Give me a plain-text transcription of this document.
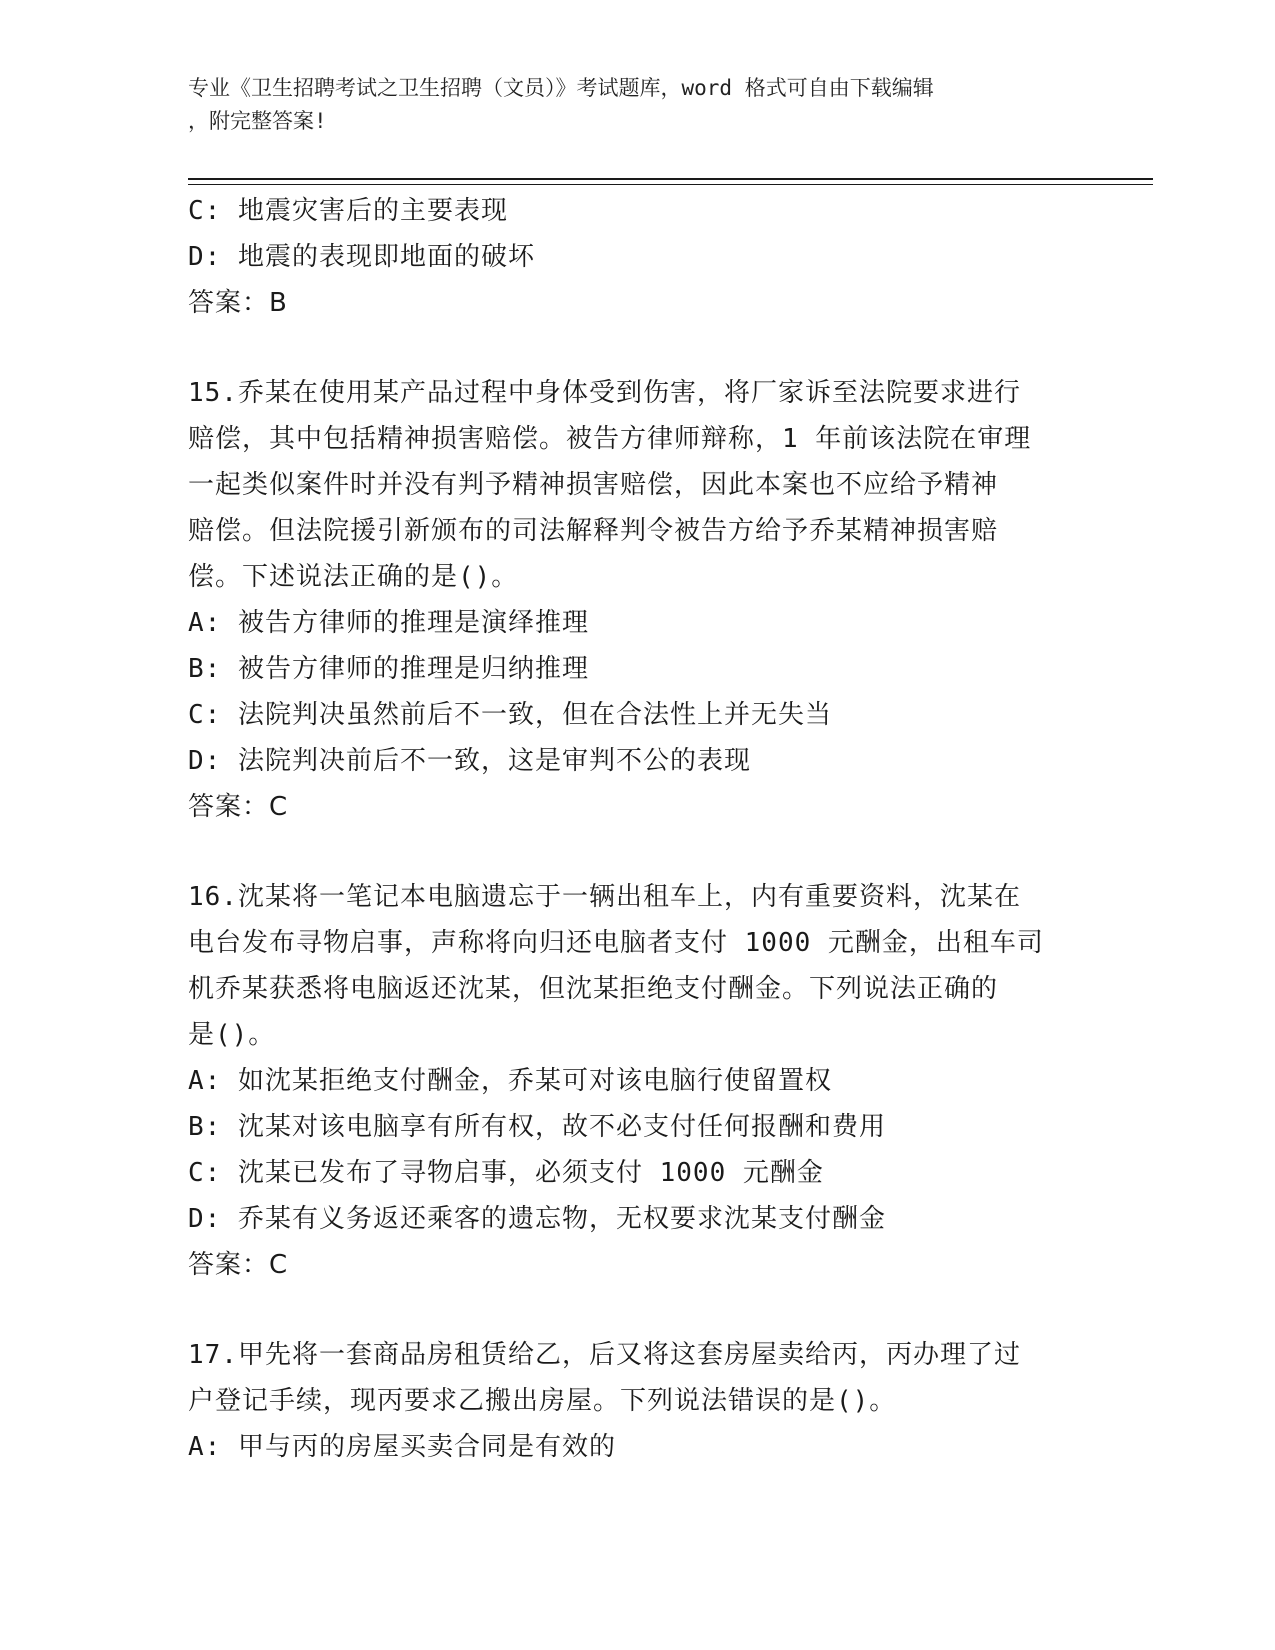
专业《卫生招聘考试之卫生招聘（文员）》考试题库，word 格式可自由下载编辑
，附完整答案!
C: 地震灾害后的主要表现
D: 地震的表现即地面的破坏
答案：B
15.乔某在使用某产品过程中身体受到伤害，将厂家诉至法院要求进行
赔偿，其中包括精神损害赔偿。被告方律师辩称，1 年前该法院在审理
一起类似案件时并没有判予精神损害赔偿，因此本案也不应给予精神
赔偿。但法院援引新颁布的司法解释判令被告方给予乔某精神损害赔
偿。下述说法正确的是()。
A: 被告方律师的推理是演绎推理
B: 被告方律师的推理是归纳推理
C: 法院判决虽然前后不一致，但在合法性上并无失当
D: 法院判决前后不一致，这是审判不公的表现
答案：C
16.沈某将一笔记本电脑遗忘于一辆出租车上，内有重要资料，沈某在
电台发布寻物启事，声称将向归还电脑者支付 1000 元酬金，出租车司
机乔某获悉将电脑返还沈某，但沈某拒绝支付酬金。下列说法正确的
是()。
A: 如沈某拒绝支付酬金，乔某可对该电脑行使留置权
B: 沈某对该电脑享有所有权，故不必支付任何报酬和费用
C: 沈某已发布了寻物启事，必须支付 1000 元酬金
D: 乔某有义务返还乘客的遗忘物，无权要求沈某支付酬金
答案：C
17.甲先将一套商品房租赁给乙，后又将这套房屋卖给丙，丙办理了过
户登记手续，现丙要求乙搬出房屋。下列说法错误的是()。
A: 甲与丙的房屋买卖合同是有效的
